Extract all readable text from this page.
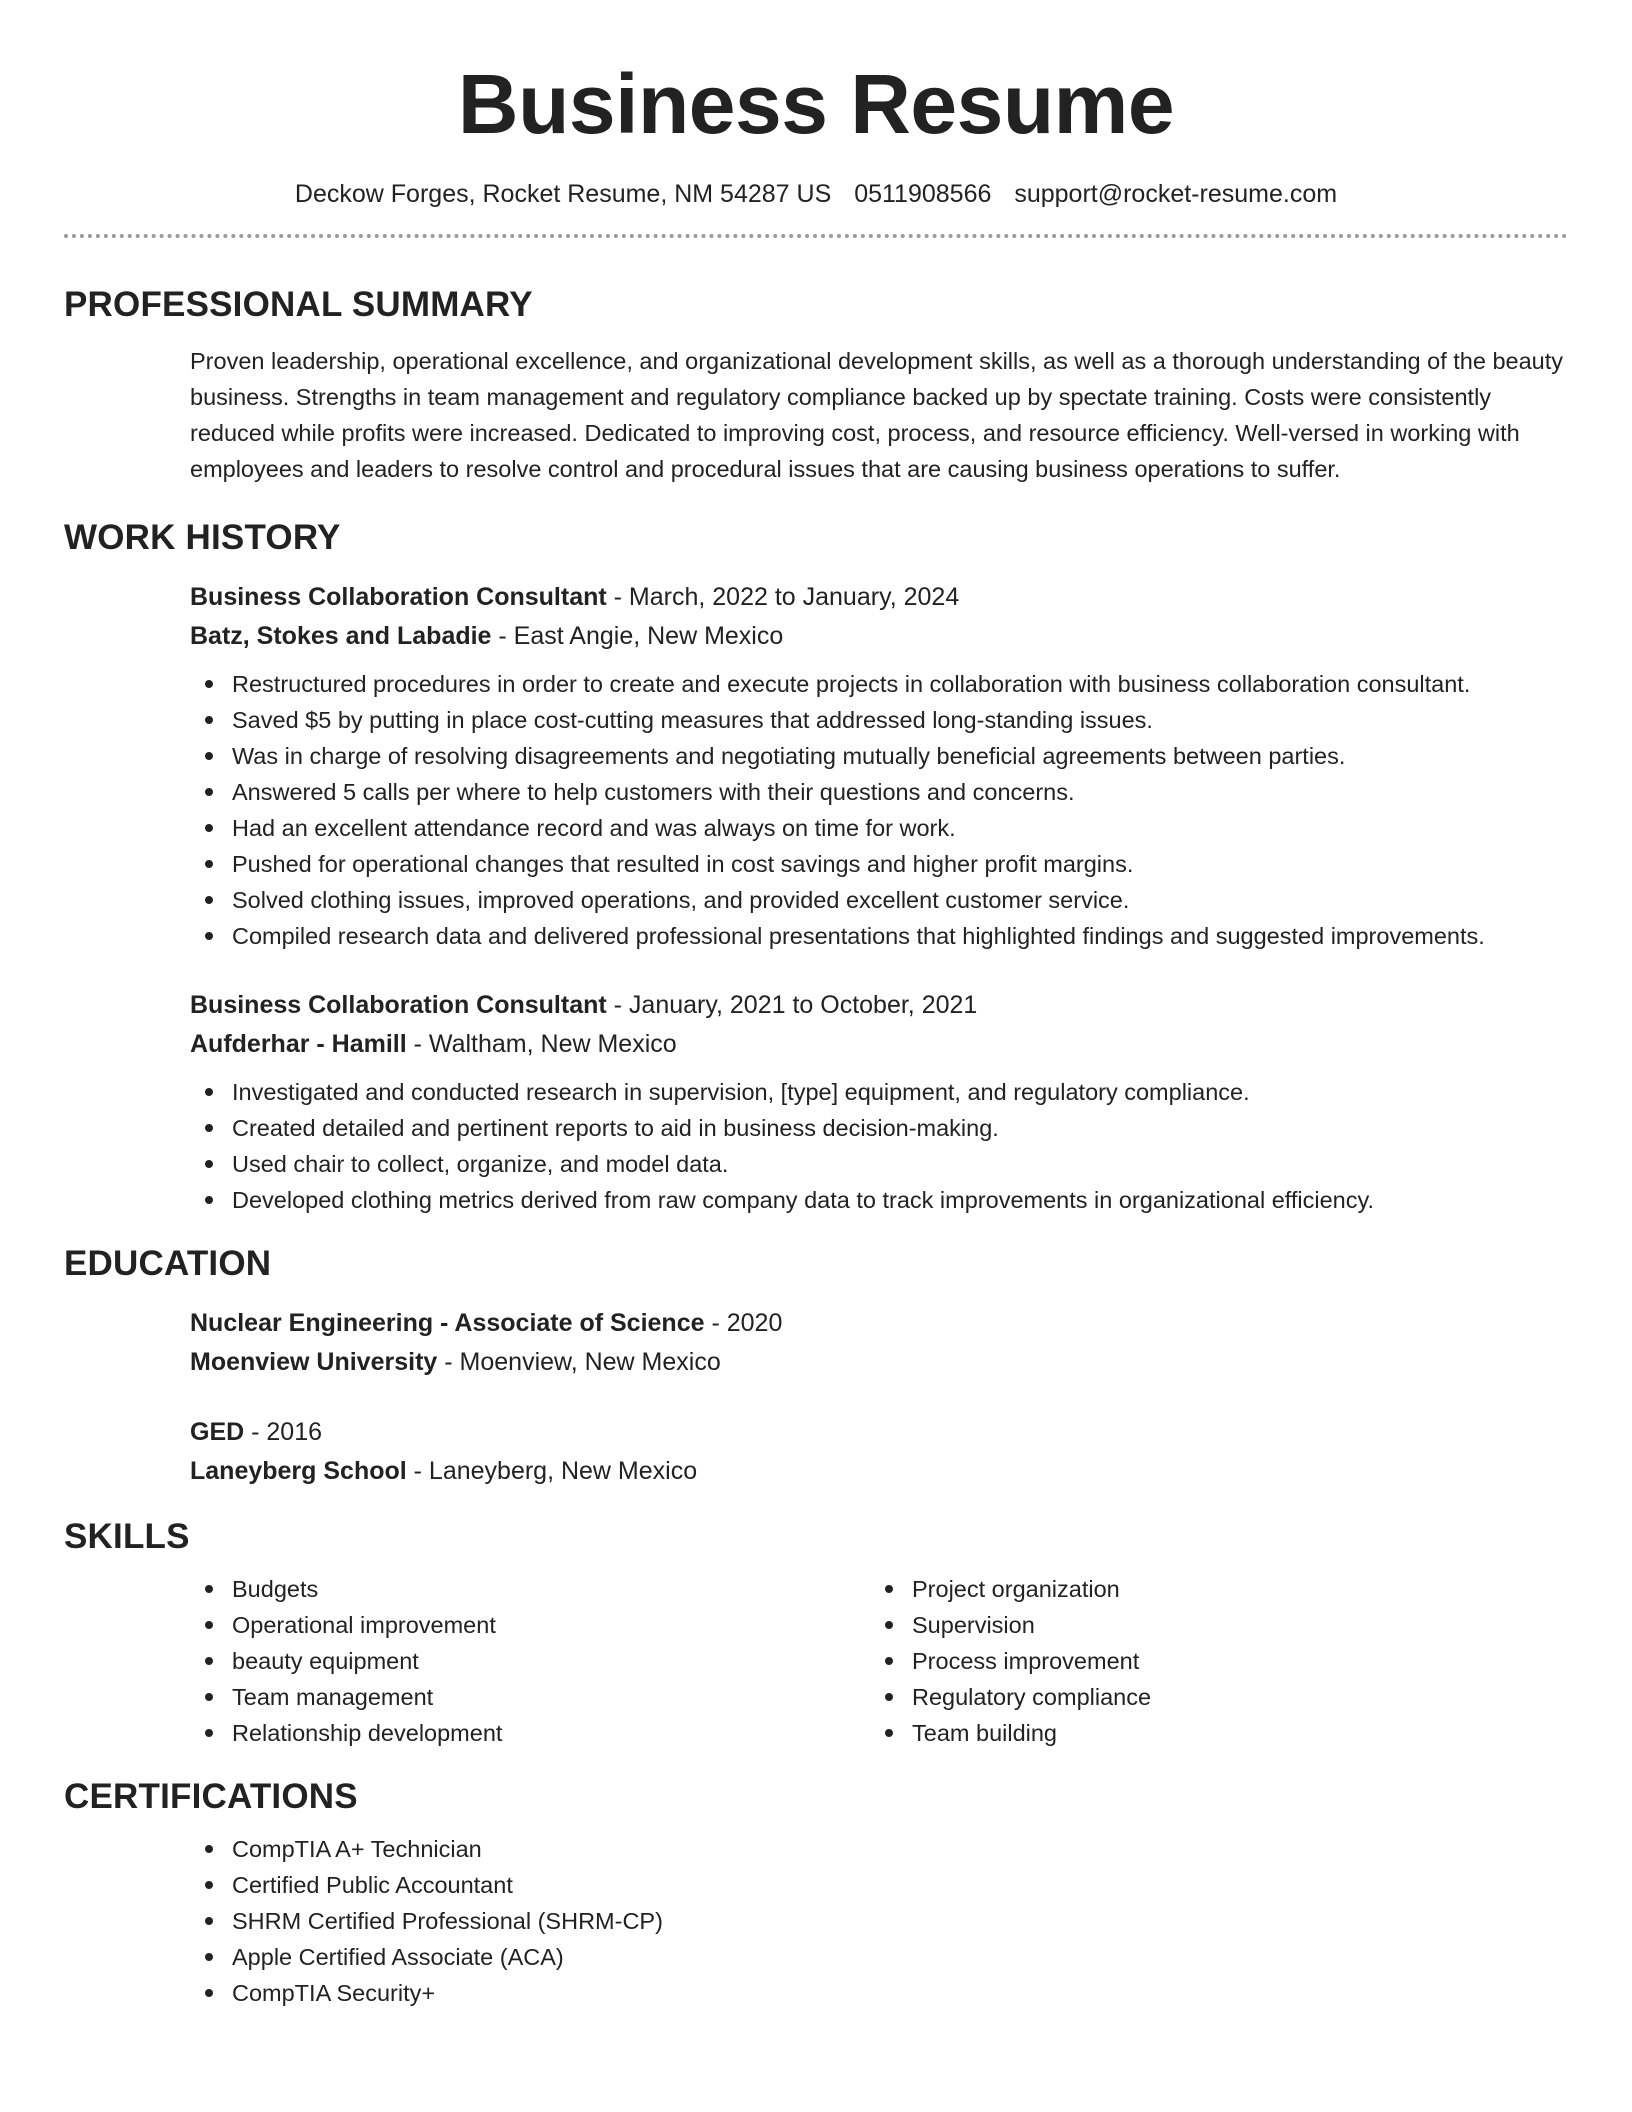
Business Resume
Deckow Forges, Rocket Resume, NM 54287 US 0511908566 support@rocket-resume.com
PROFESSIONAL SUMMARY
Proven leadership, operational excellence, and organizational development skills, as well as a thorough understanding of the beauty business. Strengths in team management and regulatory compliance backed up by spectate training. Costs were consistently reduced while profits were increased. Dedicated to improving cost, process, and resource efficiency. Well-versed in working with employees and leaders to resolve control and procedural issues that are causing business operations to suffer.
WORK HISTORY
Business Collaboration Consultant - March, 2022 to January, 2024
Batz, Stokes and Labadie - East Angie, New Mexico
Restructured procedures in order to create and execute projects in collaboration with business collaboration consultant.
Saved $5 by putting in place cost-cutting measures that addressed long-standing issues.
Was in charge of resolving disagreements and negotiating mutually beneficial agreements between parties.
Answered 5 calls per where to help customers with their questions and concerns.
Had an excellent attendance record and was always on time for work.
Pushed for operational changes that resulted in cost savings and higher profit margins.
Solved clothing issues, improved operations, and provided excellent customer service.
Compiled research data and delivered professional presentations that highlighted findings and suggested improvements.
Business Collaboration Consultant - January, 2021 to October, 2021
Aufderhar - Hamill - Waltham, New Mexico
Investigated and conducted research in supervision, [type] equipment, and regulatory compliance.
Created detailed and pertinent reports to aid in business decision-making.
Used chair to collect, organize, and model data.
Developed clothing metrics derived from raw company data to track improvements in organizational efficiency.
EDUCATION
Nuclear Engineering - Associate of Science - 2020
Moenview University - Moenview, New Mexico
GED - 2016
Laneyberg School - Laneyberg, New Mexico
SKILLS
Budgets
Operational improvement
beauty equipment
Team management
Relationship development
Project organization
Supervision
Process improvement
Regulatory compliance
Team building
CERTIFICATIONS
CompTIA A+ Technician
Certified Public Accountant
SHRM Certified Professional (SHRM-CP)
Apple Certified Associate (ACA)
CompTIA Security+
